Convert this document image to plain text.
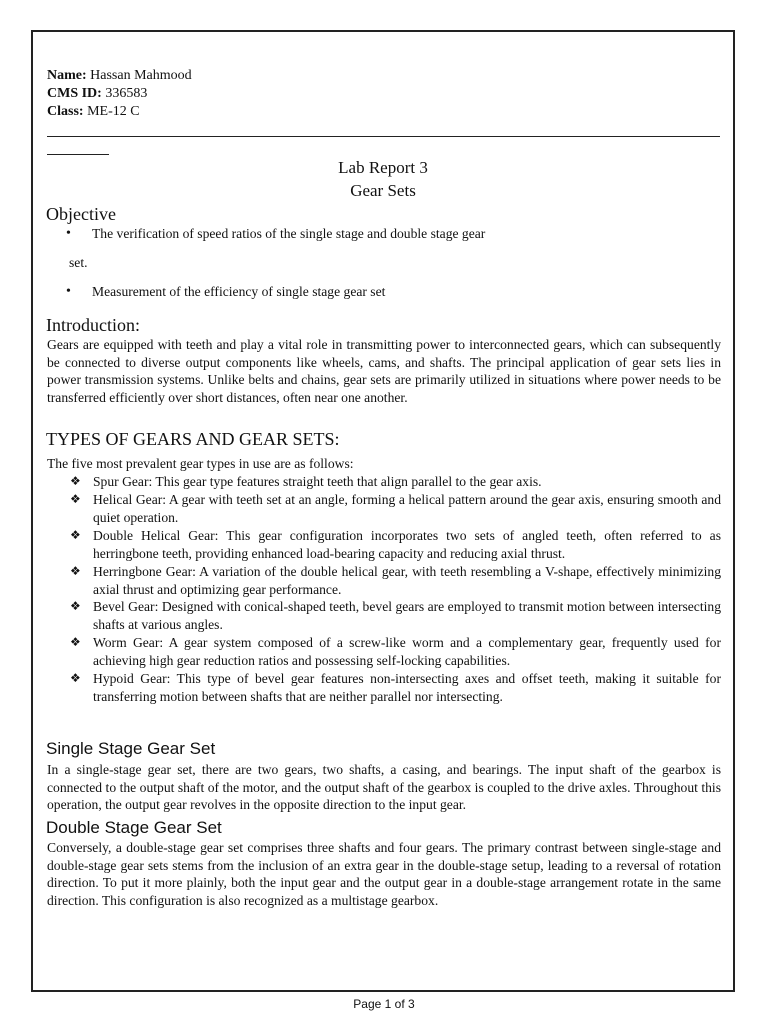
Name: Hassan Mahmood
CMS ID: 336583
Class: ME-12 C
Lab Report 3
Gear Sets
Objective
• The verification of speed ratios of the single stage and double stage gear
set.
• Measurement of the efficiency of single stage gear set
Introduction:
Gears are equipped with teeth and play a vital role in transmitting power to interconnected gears, which can subsequently be connected to diverse output components like wheels, cams, and shafts. The principal application of gear sets lies in power transmission systems. Unlike belts and chains, gear sets are primarily utilized in situations where power needs to be transferred efficiently over short distances, often near one another.
TYPES OF GEARS AND GEAR SETS:
The five most prevalent gear types in use are as follows:
❖ Spur Gear: This gear type features straight teeth that align parallel to the gear axis.
❖ Helical Gear: A gear with teeth set at an angle, forming a helical pattern around the gear axis, ensuring smooth and quiet operation.
❖ Double Helical Gear: This gear configuration incorporates two sets of angled teeth, often referred to as herringbone teeth, providing enhanced load-bearing capacity and reducing axial thrust.
❖ Herringbone Gear: A variation of the double helical gear, with teeth resembling a V-shape, effectively minimizing axial thrust and optimizing gear performance.
❖ Bevel Gear: Designed with conical-shaped teeth, bevel gears are employed to transmit motion between intersecting shafts at various angles.
❖ Worm Gear: A gear system composed of a screw-like worm and a complementary gear, frequently used for achieving high gear reduction ratios and possessing self-locking capabilities.
❖ Hypoid Gear: This type of bevel gear features non-intersecting axes and offset teeth, making it suitable for transferring motion between shafts that are neither parallel nor intersecting.
Single Stage Gear Set
In a single-stage gear set, there are two gears, two shafts, a casing, and bearings. The input shaft of the gearbox is connected to the output shaft of the motor, and the output shaft of the gearbox is coupled to the drive axles. Throughout this operation, the output gear revolves in the opposite direction to the input gear.
Double Stage Gear Set
Conversely, a double-stage gear set comprises three shafts and four gears. The primary contrast between single-stage and double-stage gear sets stems from the inclusion of an extra gear in the double-stage setup, leading to a reversal of rotation direction. To put it more plainly, both the input gear and the output gear in a double-stage arrangement rotate in the same direction. This configuration is also recognized as a multistage gearbox.
Page 1 of 3
